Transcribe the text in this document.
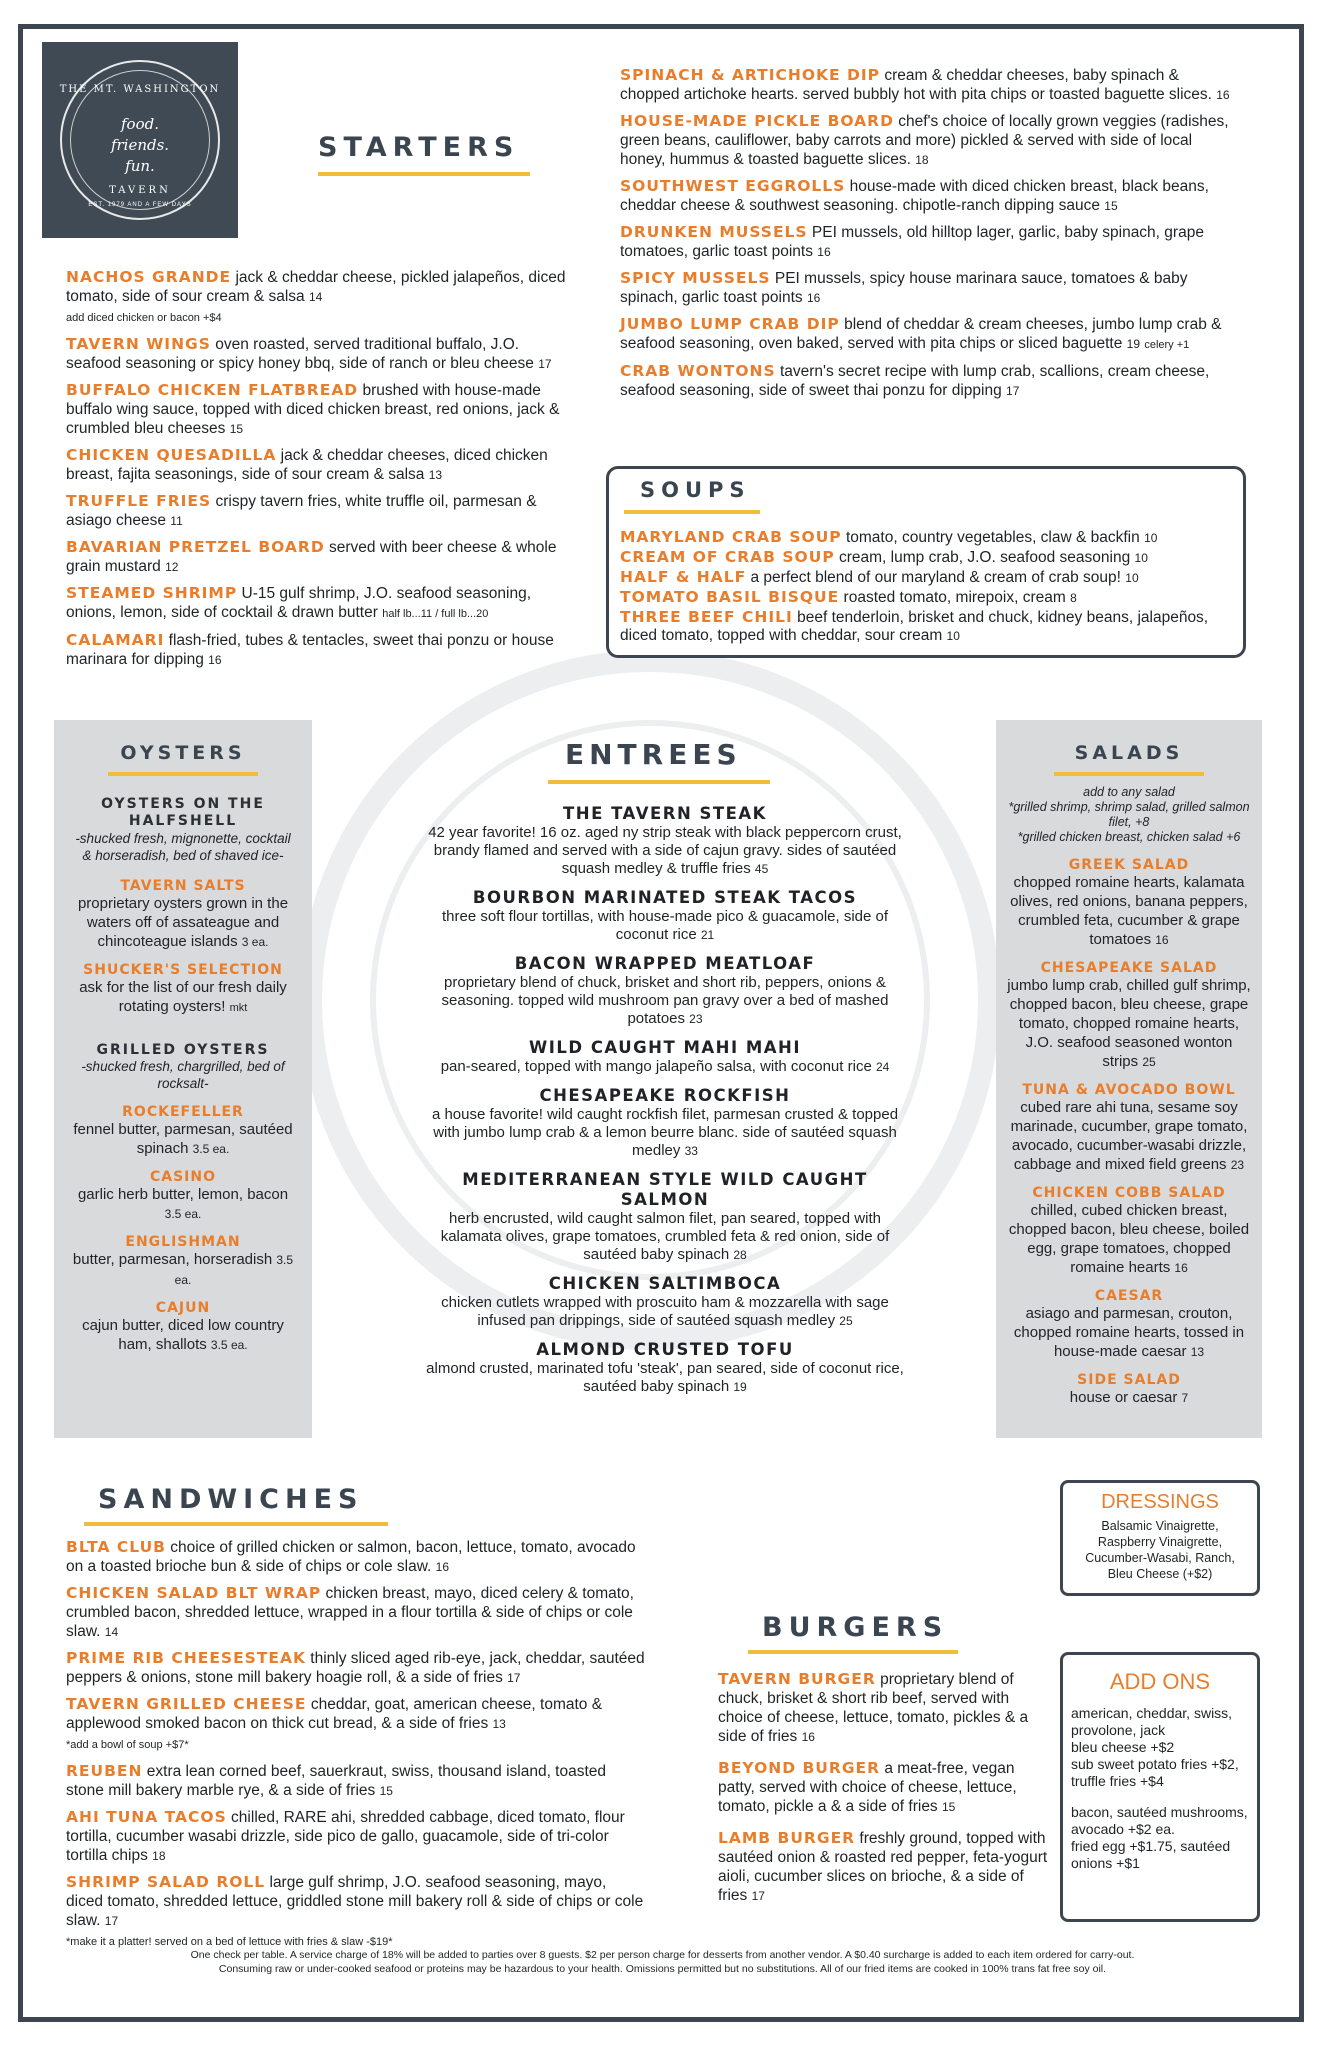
THE MT. WASHINGTON
food.
friends.
fun.
TAVERN
EST. 1979 AND A FEW DAYS
STARTERS
NACHOS GRANDE jack & cheddar cheese, pickled jalapeños, diced tomato, side of sour cream & salsa 14
add diced chicken or bacon +$4
TAVERN WINGS oven roasted, served traditional buffalo, J.O. seafood seasoning or spicy honey bbq, side of ranch or bleu cheese 17
BUFFALO CHICKEN FLATBREAD brushed with house-made buffalo wing sauce, topped with diced chicken breast, red onions, jack & crumbled bleu cheeses 15
CHICKEN QUESADILLA jack & cheddar cheeses, diced chicken breast, fajita seasonings, side of sour cream & salsa 13
TRUFFLE FRIES crispy tavern fries, white truffle oil, parmesan & asiago cheese 11
BAVARIAN PRETZEL BOARD served with beer cheese & whole grain mustard 12
STEAMED SHRIMP U-15 gulf shrimp, J.O. seafood seasoning, onions, lemon, side of cocktail & drawn butter half lb...11 / full lb...20
CALAMARI flash-fried, tubes & tentacles, sweet thai ponzu or house marinara for dipping 16
SPINACH & ARTICHOKE DIP cream & cheddar cheeses, baby spinach & chopped artichoke hearts. served bubbly hot with pita chips or toasted baguette slices. 16
HOUSE-MADE PICKLE BOARD chef's choice of locally grown veggies (radishes, green beans, cauliflower, baby carrots and more) pickled & served with side of local honey, hummus & toasted baguette slices. 18
SOUTHWEST EGGROLLS house-made with diced chicken breast, black beans, cheddar cheese & southwest seasoning. chipotle-ranch dipping sauce 15
DRUNKEN MUSSELS PEI mussels, old hilltop lager, garlic, baby spinach, grape tomatoes, garlic toast points 16
SPICY MUSSELS PEI mussels, spicy house marinara sauce, tomatoes & baby spinach, garlic toast points 16
JUMBO LUMP CRAB DIP blend of cheddar & cream cheeses, jumbo lump crab & seafood seasoning, oven baked, served with pita chips or sliced baguette 19 celery +1
CRAB WONTONS tavern's secret recipe with lump crab, scallions, cream cheese, seafood seasoning, side of sweet thai ponzu for dipping 17
SOUPS
MARYLAND CRAB SOUP tomato, country vegetables, claw & backfin 10
CREAM OF CRAB SOUP cream, lump crab, J.O. seafood seasoning 10
HALF & HALF a perfect blend of our maryland & cream of crab soup! 10
TOMATO BASIL BISQUE roasted tomato, mirepoix, cream 8
THREE BEEF CHILI beef tenderloin, brisket and chuck, kidney beans, jalapeños, diced tomato, topped with cheddar, sour cream 10
OYSTERS
OYSTERS ON THE HALFSHELL
-shucked fresh, mignonette, cocktail & horseradish, bed of shaved ice-
TAVERN SALTS
proprietary oysters grown in the waters off of assateague and chincoteague islands 3 ea.
SHUCKER'S SELECTION
ask for the list of our fresh daily rotating oysters! mkt
GRILLED OYSTERS
-shucked fresh, chargrilled, bed of rocksalt-
ROCKEFELLER
fennel butter, parmesan, sautéed spinach 3.5 ea.
CASINO
garlic herb butter, lemon, bacon 3.5 ea.
ENGLISHMAN
butter, parmesan, horseradish 3.5 ea.
CAJUN
cajun butter, diced low country ham, shallots 3.5 ea.
ENTREES
THE TAVERN STEAK
42 year favorite! 16 oz. aged ny strip steak with black peppercorn crust, brandy flamed and served with a side of cajun gravy. sides of sautéed squash medley & truffle fries 45
BOURBON MARINATED STEAK TACOS
three soft flour tortillas, with house-made pico & guacamole, side of coconut rice 21
BACON WRAPPED MEATLOAF
proprietary blend of chuck, brisket and short rib, peppers, onions & seasoning. topped wild mushroom pan gravy over a bed of mashed potatoes 23
WILD CAUGHT MAHI MAHI
pan-seared, topped with mango jalapeño salsa, with coconut rice 24
CHESAPEAKE ROCKFISH
a house favorite! wild caught rockfish filet, parmesan crusted & topped with jumbo lump crab & a lemon beurre blanc. side of sautéed squash medley 33
MEDITERRANEAN STYLE WILD CAUGHT SALMON
herb encrusted, wild caught salmon filet, pan seared, topped with kalamata olives, grape tomatoes, crumbled feta & red onion, side of sautéed baby spinach 28
CHICKEN SALTIMBOCA
chicken cutlets wrapped with proscuito ham & mozzarella with sage infused pan drippings, side of sautéed squash medley 25
ALMOND CRUSTED TOFU
almond crusted, marinated tofu 'steak', pan seared, side of coconut rice, sautéed baby spinach 19
SALADS
add to any salad
*grilled shrimp, shrimp salad, grilled salmon filet, +8
*grilled chicken breast, chicken salad +6
GREEK SALAD
chopped romaine hearts, kalamata olives, red onions, banana peppers, crumbled feta, cucumber & grape tomatoes 16
CHESAPEAKE SALAD
jumbo lump crab, chilled gulf shrimp, chopped bacon, bleu cheese, grape tomato, chopped romaine hearts, J.O. seafood seasoned wonton strips 25
TUNA & AVOCADO BOWL
cubed rare ahi tuna, sesame soy marinade, cucumber, grape tomato, avocado, cucumber-wasabi drizzle, cabbage and mixed field greens 23
CHICKEN COBB SALAD
chilled, cubed chicken breast, chopped bacon, bleu cheese, boiled egg, grape tomatoes, chopped romaine hearts 16
CAESAR
asiago and parmesan, crouton, chopped romaine hearts, tossed in house-made caesar 13
SIDE SALAD
house or caesar 7
DRESSINGS
Balsamic Vinaigrette, Raspberry Vinaigrette, Cucumber-Wasabi, Ranch, Bleu Cheese (+$2)
SANDWICHES
BLTA CLUB choice of grilled chicken or salmon, bacon, lettuce, tomato, avocado on a toasted brioche bun & side of chips or cole slaw. 16
CHICKEN SALAD BLT WRAP chicken breast, mayo, diced celery & tomato, crumbled bacon, shredded lettuce, wrapped in a flour tortilla & side of chips or cole slaw. 14
PRIME RIB CHEESESTEAK thinly sliced aged rib-eye, jack, cheddar, sautéed peppers & onions, stone mill bakery hoagie roll, & a side of fries 17
TAVERN GRILLED CHEESE cheddar, goat, american cheese, tomato & applewood smoked bacon on thick cut bread, & a side of fries 13
*add a bowl of soup +$7*
REUBEN extra lean corned beef, sauerkraut, swiss, thousand island, toasted stone mill bakery marble rye, & a side of fries 15
AHI TUNA TACOS chilled, RARE ahi, shredded cabbage, diced tomato, flour tortilla, cucumber wasabi drizzle, side pico de gallo, guacamole, side of tri-color tortilla chips 18
SHRIMP SALAD ROLL large gulf shrimp, J.O. seafood seasoning, mayo, diced tomato, shredded lettuce, griddled stone mill bakery roll & side of chips or cole slaw. 17
*make it a platter! served on a bed of lettuce with fries & slaw -$19*
BURGERS
TAVERN BURGER proprietary blend of chuck, brisket & short rib beef, served with choice of cheese, lettuce, tomato, pickles & a side of fries 16
BEYOND BURGER a meat-free, vegan patty, served with choice of cheese, lettuce, tomato, pickle a & a side of fries 15
LAMB BURGER freshly ground, topped with sautéed onion & roasted red pepper, feta-yogurt aioli, cucumber slices on brioche, & a side of fries 17
ADD ONS
american, cheddar, swiss, provolone, jack
bleu cheese +$2
sub sweet potato fries +$2, truffle fries +$4
bacon, sautéed mushrooms, avocado +$2 ea.
fried egg +$1.75, sautéed onions +$1
One check per table. A service charge of 18% will be added to parties over 8 guests. $2 per person charge for desserts from another vendor. A $0.40 surcharge is added to each item ordered for carry-out.
Consuming raw or under-cooked seafood or proteins may be hazardous to your health. Omissions permitted but no substitutions. All of our fried items are cooked in 100% trans fat free soy oil.
